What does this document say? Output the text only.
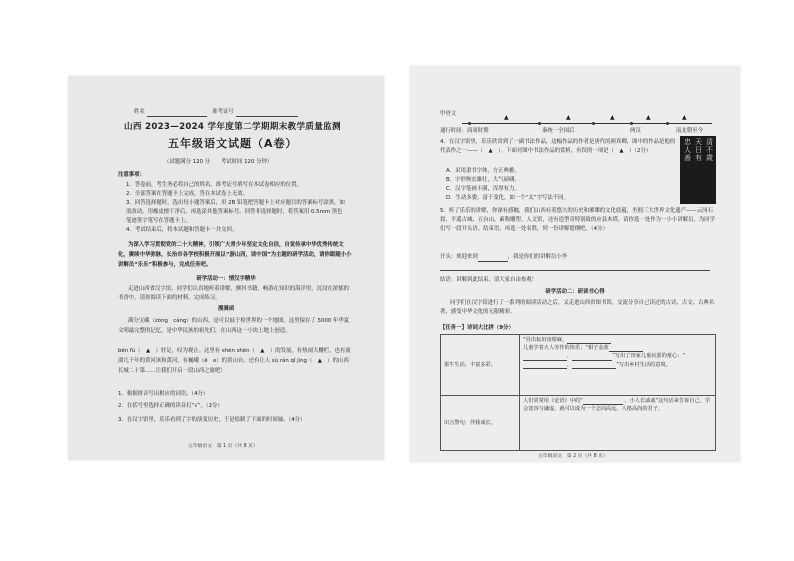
姓名	准考证号
山西 2023—2024 学年度第二学期期末教学质量监测
五年级语文试题（A卷）
（试题满分 120 分　　考试时间 120 分钟）
注意事项：
1．答卷前，考生务必将自己的姓名、准考证号填写在本试卷相应的位置。
2．全部答案在答题卡上完成，答在本试卷上无效。
3．回答选择题时，选出每小题答案后，用 2B 铅笔把答题卡上对应题目的答案标号涂黑。如需改动，用橡皮擦干净后，再选涂其他答案标号。回答非选择题时，将答案用 0.5mm 黑色笔迹签字笔写在答题卡上。
4．考试结束后，将本试题和答题卡一并交回。
为深入学习贯彻党的二十大精神，引领广大青少年坚定文化自信，自觉传承中华优秀传统文化，赓续中华弥脉，长治市各学校积极开展以“游山西，读中国”为主题的研学活动，请你跟随小小讲解员“乐乐”积极参与，完成任务吧。
研学活动一：情汉字精华
走进山西省汉字馆，同学们认真地听着讲解，颤抖书籍，畅游在知识的海洋里，沉浸在浓郁的书香中，请你阅读下面的材料，完成练习。
漫满函
满分宝藏（zòng　cáng）的山西，是可以展于检世界的一个地图。这里保存了 5000 年华夏文明最完整的记忆，是中华民族的祖先们，在山西这一小块土地上创造。
bēn fù（　▲　）驻足，叹为观止。这里有 shèn shēn（　▲　）的发展，有热闹大栅栏，也有流淌几千年的黄河该和黄河，有巍峨（ē　e）的黄山台，还有让人 sù rán qǐ jìng（　▲　）的山西长城二十第……让我们开启一段山西之旅吧！
1．根据拼音写出相应的词语。（4分）
2．在括号里选择正确的读音打“√”。（2分）
3．在汉字馆里，乐乐看到了字的演变历史，于是绘制了下面的时间轴。（4分）
五年级语文　第 1 页（共 8 页）
甲骨文	▲	▲	▲	▲	▲
通行时间：商周时期	秦统一全国后	两汉	南北朝至今
4．在汉字馆里，乐乐欣赏到了一副书法作品，这幅作品的作者是唐代的颜真卿，图中的作品是他的代表作之一——（　▲　）。下面对图中书法作品的赏析，有误的一项是（　▲　）（2分）
A．采用隶书字体，方正典雅。
B．字形恢宏雄壮，大气磅礴。
C．汉字笔画丰满，浑厚有力。
D．生动多姿，富于变化，如一个“太”字写法不同。
清
不
歲
天
日
有
忠
人
善
5．听了乐乐的讲解，你深有感触，我们山西有着悠久的历史和璀璨的文化底蕴，坐拥三大世界文化遗产——云冈石窟、平遥古城、五台山，素称雕塑、人文馆，还有造型奇特别致的应县木塔，请你选一处作为一小小讲解员，为同学们写一段开头语、结束语，再选一处名胜，列一份讲解提纲吧。（4分）
开头：欢迎来到	，我是你们的讲解员小李
结语：讲解到此结束，请大家自由参观！
研学活动二：研读书心得
同学们在汉字馆进行了一系列的阅读活动之后，又走进山西省图书馆，交流分享自己读过的古诗、古文、古典名著，感受中华文化的无限精彩。
【任务一】诗词大比拼（9分）
果牛生活，丰富多彩。	“昼出耘田夜绩麻，
儿童学着大人劳作的快乐；“相子金蓝
， ”写出了田家儿童玩耍的童心；“
， ”写出乡村生活的意境。
出言警句，伴我成长。	人们常常用《论语》中的“ ，小人长戚戚”这句话来告诉自己，学会宽容与谦虚，就可以成为一个志向高远，人格高尚的君子。
五年级语文　第 2 页（共 8 页）
